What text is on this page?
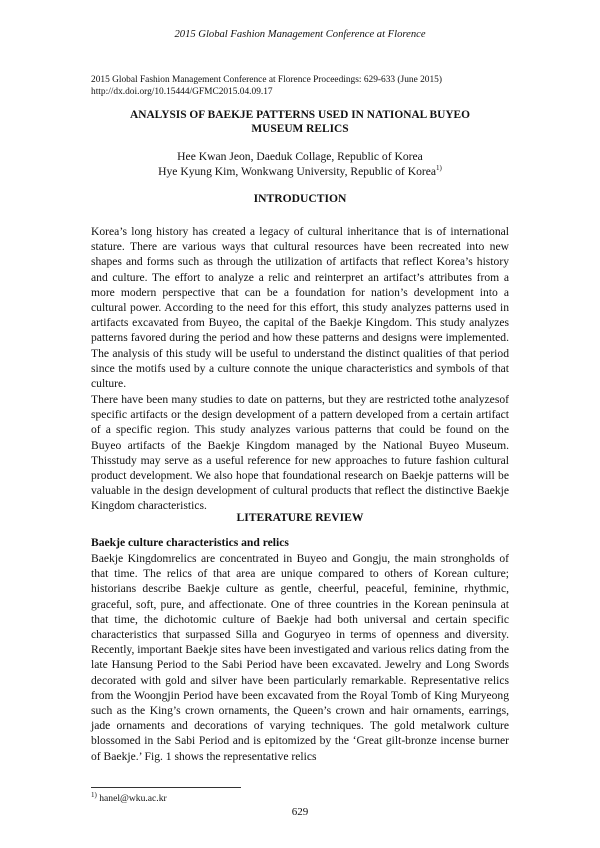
2015 Global Fashion Management Conference at Florence
2015 Global Fashion Management Conference at Florence Proceedings: 629-633 (June 2015)
http://dx.doi.org/10.15444/GFMC2015.04.09.17
ANALYSIS OF BAEKJE PATTERNS USED IN NATIONAL BUYEO
MUSEUM RELICS
Hee Kwan Jeon, Daeduk Collage, Republic of Korea
Hye Kyung Kim, Wonkwang University, Republic of Korea$^{1)}$
INTRODUCTION
Korea’s long history has created a legacy of cultural inheritance that is of international stature. There are various ways that cultural resources have been recreated into new shapes and forms such as through the utilization of artifacts that reflect Korea’s history and culture. The effort to analyze a relic and reinterpret an artifact’s attributes from a more modern perspective that can be a foundation for nation’s development into a cultural power. According to the need for this effort, this study analyzes patterns used in artifacts excavated from Buyeo, the capital of the Baekje Kingdom. This study analyzes patterns favored during the period and how these patterns and designs were implemented. The analysis of this study will be useful to understand the distinct qualities of that period since the motifs used by a culture connote the unique characteristics and symbols of that culture.
There have been many studies to date on patterns, but they are restricted tothe analyzesof specific artifacts or the design development of a pattern developed from a certain artifact of a specific region. This study analyzes various patterns that could be found on the Buyeo artifacts of the Baekje Kingdom managed by the National Buyeo Museum. Thisstudy may serve as a useful reference for new approaches to future fashion cultural product development. We also hope that foundational research on Baekje patterns will be valuable in the design development of cultural products that reflect the distinctive Baekje Kingdom characteristics.
LITERATURE REVIEW
Baekje culture characteristics and relics
Baekje Kingdomrelics are concentrated in Buyeo and Gongju, the main strongholds of that time. The relics of that area are unique compared to others of Korean culture; historians describe Baekje culture as gentle, cheerful, peaceful, feminine, rhythmic, graceful, soft, pure, and affectionate. One of three countries in the Korean peninsula at that time, the dichotomic culture of Baekje had both universal and certain specific characteristics that surpassed Silla and Goguryeo in terms of openness and diversity. Recently, important Baekje sites have been investigated and various relics dating from the late Hansung Period to the Sabi Period have been excavated. Jewelry and Long Swords decorated with gold and silver have been particularly remarkable. Representative relics from the Woongjin Period have been excavated from the Royal Tomb of King Muryeong such as the King’s crown ornaments, the Queen’s crown and hair ornaments, earrings, jade ornaments and decorations of varying techniques. The gold metalwork culture blossomed in the Sabi Period and is epitomized by the ‘Great gilt-bronze incense burner of Baekje.’ Fig. 1 shows the representative relics
$^{1)}$ hanel@wku.ac.kr
629
